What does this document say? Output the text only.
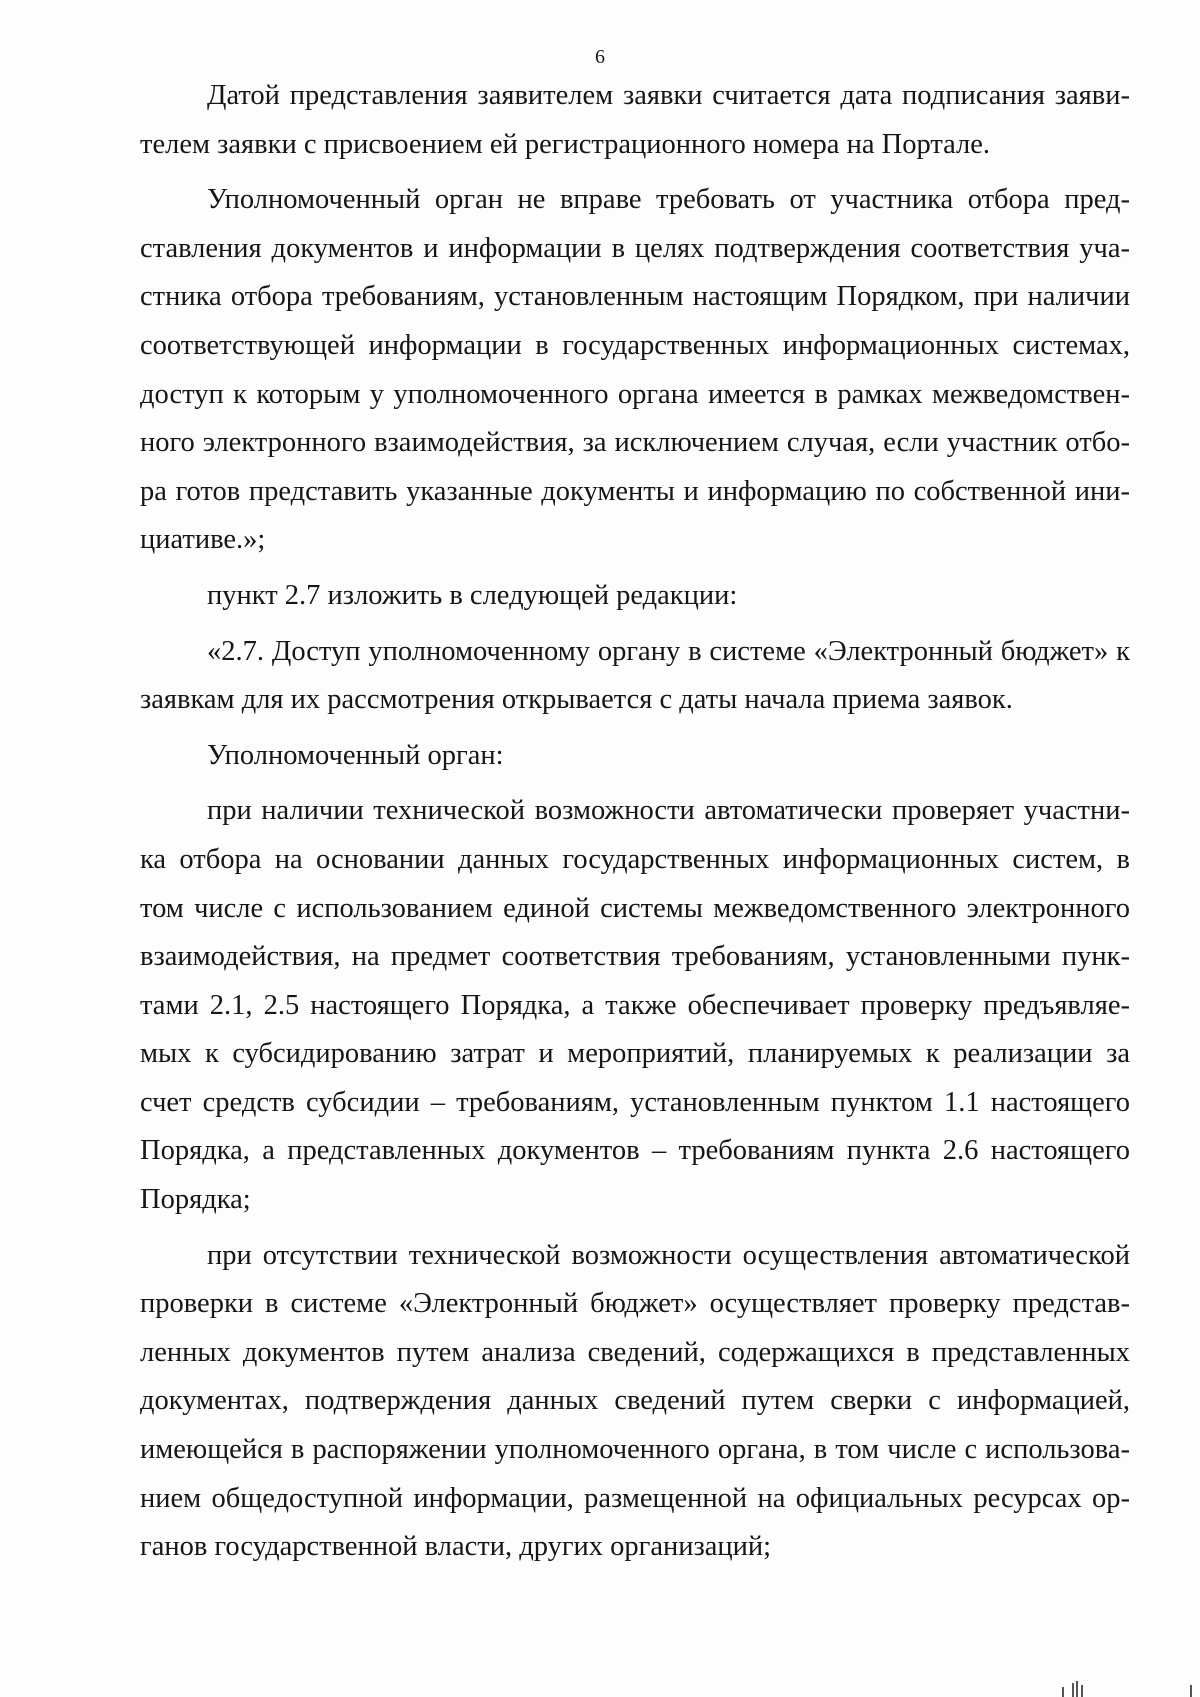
6

Датой представления заявителем заявки считается дата подписания заявителем заявки с присвоением ей регистрационного номера на Портале.

Уполномоченный орган не вправе требовать от участника отбора представления документов и информации в целях подтверждения соответствия участника отбора требованиям, установленным настоящим Порядком, при наличии соответствующей информации в государственных информационных системах, доступ к которым у уполномоченного органа имеется в рамках межведомственного электронного взаимодействия, за исключением случая, если участник отбора готов представить указанные документы и информацию по собственной инициативе.»;

пункт 2.7 изложить в следующей редакции:

«2.7. Доступ уполномоченному органу в системе «Электронный бюджет» к заявкам для их рассмотрения открывается с даты начала приема заявок.

Уполномоченный орган:

при наличии технической возможности автоматически проверяет участника отбора на основании данных государственных информационных систем, в том числе с использованием единой системы межведомственного электронного взаимодействия, на предмет соответствия требованиям, установленными пунктами 2.1, 2.5 настоящего Порядка, а также обеспечивает проверку предъявляемых к субсидированию затрат и мероприятий, планируемых к реализации за счет средств субсидии – требованиям, установленным пунктом 1.1 настоящего Порядка, а представленных документов – требованиям пункта 2.6 настоящего Порядка;

при отсутствии технической возможности осуществления автоматической проверки в системе «Электронный бюджет» осуществляет проверку представленных документов путем анализа сведений, содержащихся в представленных документах, подтверждения данных сведений путем сверки с информацией, имеющейся в распоряжении уполномоченного органа, в том числе с использованием общедоступной информации, размещенной на официальных ресурсах органов государственной власти, других организаций;
